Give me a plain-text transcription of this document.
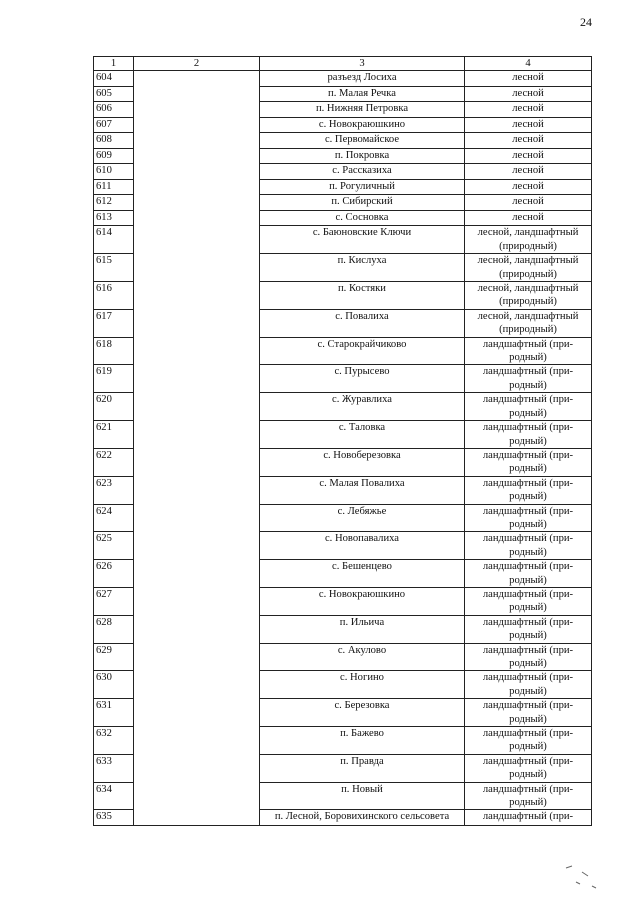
24
1	2	3	4
604		разъезд Лосиха	лесной

605		п. Малая Речка	лесной

606		п. Нижняя Петровка	лесной

607		с. Новокраюшкино	лесной

608		с. Первомайское	лесной

609		п. Покровка	лесной

610		с. Рассказиха	лесной

611		п. Рогуличный	лесной

612		п. Сибирский	лесной

613		с. Сосновка	лесной

614		с. Баюновские Ключи	лесной, ландшафтный
(природный)

615		п. Кислуха	лесной, ландшафтный
(природный)

616		п. Костяки	лесной, ландшафтный
(природный)

617		с. Повалиха	лесной, ландшафтный
(природный)

618		с. Старокрайчиково	ландшафтный (при-
родный)

619		с. Пурысево	ландшафтный (при-
родный)

620		с. Журавлиха	ландшафтный (при-
родный)

621		с. Таловка	ландшафтный (при-
родный)

622		с. Новоберезовка	ландшафтный (при-
родный)

623		с. Малая Повалиха	ландшафтный (при-
родный)

624		с. Лебяжье	ландшафтный (при-
родный)

625		с. Новопавалиха	ландшафтный (при-
родный)

626		с. Бешенцево	ландшафтный (при-
родный)

627		с. Новокраюшкино	ландшафтный (при-
родный)

628		п. Ильича	ландшафтный (при-
родный)

629		с. Акулово	ландшафтный (при-
родный)

630		с. Ногино	ландшафтный (при-
родный)

631		с. Березовка	ландшафтный (при-
родный)

632		п. Бажево	ландшафтный (при-
родный)

633		п. Правда	ландшафтный (при-
родный)

634		п. Новый	ландшафтный (при-
родный)

635		п. Лесной, Боровихинского сельсовета	ландшафтный (при-
